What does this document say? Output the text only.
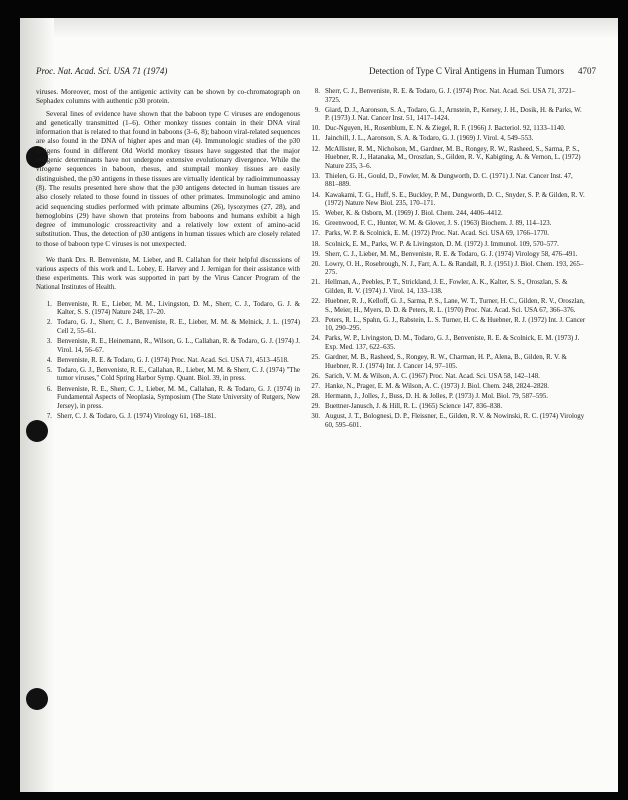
Proc. Nat. Acad. Sci. USA 71 (1974)	Detection of Type C Viral Antigens in Human Tumors 4707

viruses. Moreover, most of the antigenic activity can be shown by co-chromatograph on Sephadex columns with authentic p30 protein.

Several lines of evidence have shown that the baboon type C viruses are endogenous and genetically transmitted (1–6). Other monkey tissues contain in their DNA viral information that is related to that found in baboons (3–6, 8); baboon viral-related sequences are also found in the DNA of higher apes and man (4). Immunologic studies of the p30 antigens found in different Old World monkey tissues have suggested that the major antigenic determinants have not undergone extensive evolutionary divergence. While the virogene sequences in baboon, rhesus, and stumptail monkey tissues are easily distinguished, the p30 antigens in these tissues are virtually identical by radioimmunoassay (8). The results presented here show that the p30 antigens detected in human tissues are also closely related to those found in tissues of other primates. Immunologic and amino acid sequencing studies performed with primate albumins (26), lysozymes (27, 28), and hemoglobins (29) have shown that proteins from baboons and humans exhibit a high degree of immunologic crossreactivity and a relatively low extent of amino-acid substitution. Thus, the detection of p30 antigens in human tissues which are closely related to those of baboon type C viruses is not unexpected.

We thank Drs. R. Benveniste, M. Lieber, and R. Callahan for their helpful discussions of various aspects of this work and L. Lobey, E. Harvey and J. Jernigan for their assistance with these experiments. This work was supported in part by the Virus Cancer Program of the National Institutes of Health.

1. Benveniste, R. E., Lieber, M. M., Livingston, D. M., Sherr, C. J., Todaro, G. J. & Kalter, S. S. (1974) Nature 248, 17–20.
2. Todaro, G. J., Sherr, C. J., Benveniste, R. E., Lieber, M. M. & Melnick, J. L. (1974) Cell 2, 55–61.
3. Benveniste, R. E., Heinemann, R., Wilson, G. L., Callahan, R. & Todaro, G. J. (1974) J. Virol. 14, 56–67.
4. Benveniste, R. E. & Todaro, G. J. (1974) Proc. Nat. Acad. Sci. USA 71, 4513–4518.
5. Todaro, G. J., Benveniste, R. E., Callahan, R., Lieber, M. M. & Sherr, C. J. (1974) "The tumor viruses," Cold Spring Harbor Symp. Quant. Biol. 39, in press.
6. Benveniste, R. E., Sherr, C. J., Lieber, M. M., Callahan, R. & Todaro, G. J. (1974) in Fundamental Aspects of Neoplasia, Symposium (The State University of Rutgers, New Jersey), in press.
7. Sherr, C. J. & Todaro, G. J. (1974) Virology 61, 168–181.
8. Sherr, C. J., Benveniste, R. E. & Todaro, G. J. (1974) Proc. Nat. Acad. Sci. USA 71, 3721–3725.
9. Giard, D. J., Aaronson, S. A., Todaro, G. J., Arnstein, P., Kersey, J. H., Dosik, H. & Parks, W. P. (1973) J. Nat. Cancer Inst. 51, 1417–1424.
10. Duc-Nguyen, H., Rosenblum, E. N. & Ziegel, R. F. (1966) J. Bacteriol. 92, 1133–1140.
11. Jainchill, J. L., Aaronson, S. A. & Todaro, G. J. (1969) J. Virol. 4, 549–553.
12. McAllister, R. M., Nicholson, M., Gardner, M. B., Rongey, R. W., Rasheed, S., Sarma, P. S., Huebner, R. J., Hatanaka, M., Oroszlan, S., Gilden, R. V., Kabigting, A. & Vernon, L. (1972) Nature 235, 3–6.
13. Thielen, G. H., Gould, D., Fowler, M. & Dungworth, D. C. (1971) J. Nat. Cancer Inst. 47, 881–889.
14. Kawakami, T. G., Huff, S. E., Buckley, P. M., Dungworth, D. C., Snyder, S. P. & Gilden, R. V. (1972) Nature New Biol. 235, 170–171.
15. Weber, K. & Osborn, M. (1969) J. Biol. Chem. 244, 4406–4412.
16. Greenwood, F. C., Hunter, W. M. & Glover, J. S. (1963) Biochem. J. 89, 114–123.
17. Parks, W. P. & Scolnick, E. M. (1972) Proc. Nat. Acad. Sci. USA 69, 1766–1770.
18. Scolnick, E. M., Parks, W. P. & Livingston, D. M. (1972) J. Immunol. 109, 570–577.
19. Sherr, C. J., Lieber, M. M., Benveniste, R. E. & Todaro, G. J. (1974) Virology 58, 476–491.
20. Lowry, O. H., Rosebrough, N. J., Farr, A. L. & Randall, R. J. (1951) J. Biol. Chem. 193, 265–275.
21. Hellman, A., Peebles, P. T., Strickland, J. E., Fowler, A. K., Kalter, S. S., Oroszlan, S. & Gilden, R. V. (1974) J. Virol. 14, 133–138.
22. Huebner, R. J., Kelloff, G. J., Sarma, P. S., Lane, W. T., Turner, H. C., Gilden, R. V., Oroszlan, S., Meier, H., Myers, D. D. & Peters, R. L. (1970) Proc. Nat. Acad. Sci. USA 67, 366–376.
23. Peters, R. L., Spahn, G. J., Rabstein, L. S. Turner, H. C. & Huebner, R. J. (1972) Int. J. Cancer 10, 290–295.
24. Parks, W. P., Livingston, D. M., Todaro, G. J., Benveniste, R. E. & Scolnick, E. M. (1973) J. Exp. Med. 137, 622–635.
25. Gardner, M. B., Rasheed, S., Rongey, R. W., Charman, H. P., Alena, B., Gilden, R. V. & Huebner, R. J. (1974) Int. J. Cancer 14, 97–105.
26. Sarich, V. M. & Wilson, A. C. (1967) Proc. Nat. Acad. Sci. USA 58, 142–148.
27. Hanke, N., Prager, E. M. & Wilson, A. C. (1973) J. Biol. Chem. 248, 2824–2828.
28. Hermann, J., Jolles, J., Buss, D. H. & Jolles, P. (1973) J. Mol. Biol. 79, 587–595.
29. Buettner-Janusch, J. & Hill, R. L. (1965) Science 147, 836–838.
30. August, J. T., Bolognesi, D. P., Fleissner, E., Gilden, R. V. & Nowinski, R. C. (1974) Virology 60, 595–601.
